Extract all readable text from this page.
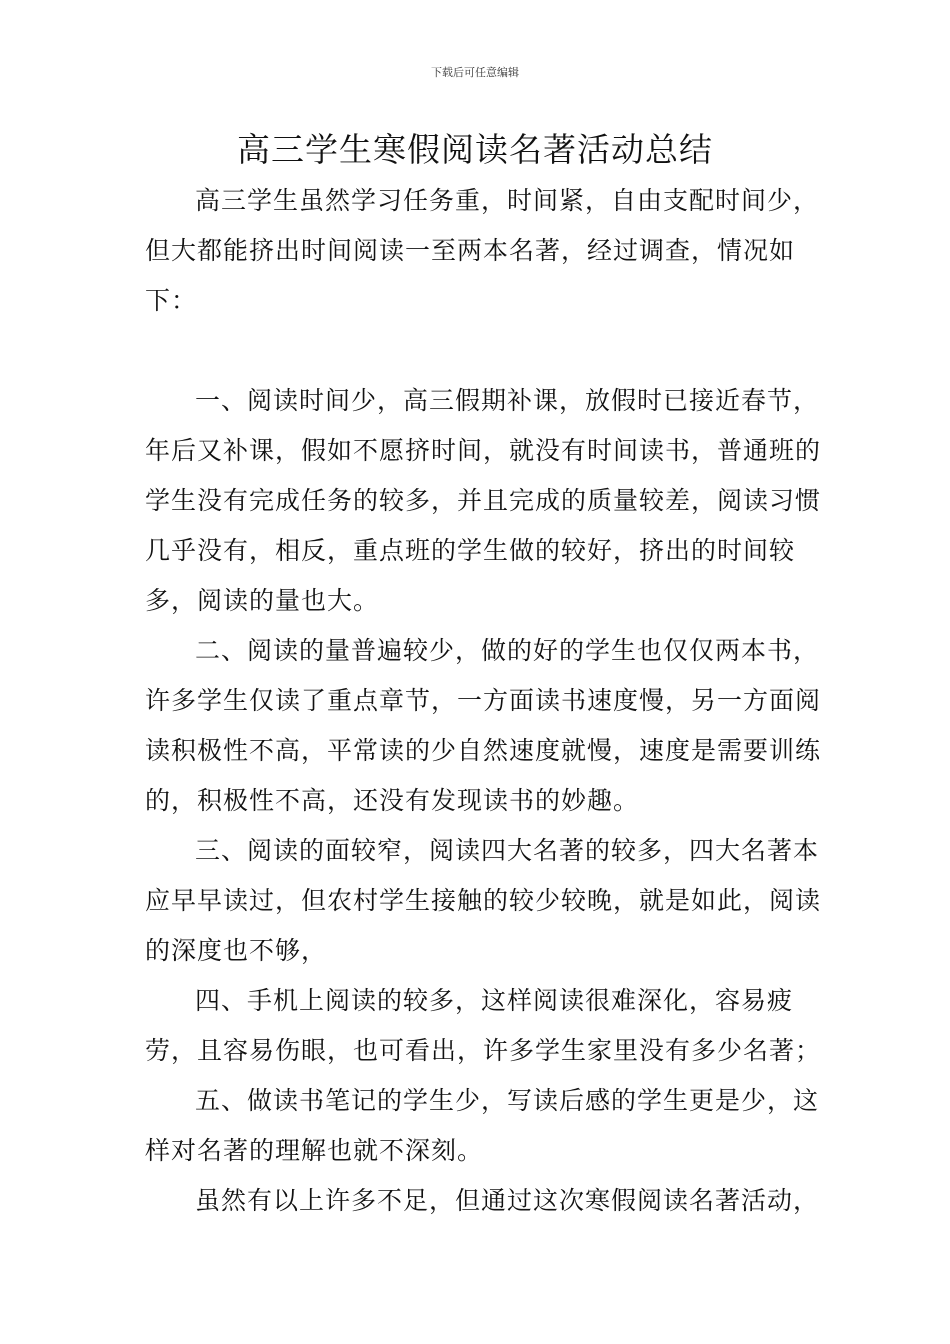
下载后可任意编辑
高三学生寒假阅读名著活动总结

高三学生虽然学习任务重，时间紧，自由支配时间少，但大都能挤出时间阅读一至两本名著，经过调查，情况如下：

一、阅读时间少，高三假期补课，放假时已接近春节，年后又补课，假如不愿挤时间，就没有时间读书，普通班的学生没有完成任务的较多，并且完成的质量较差，阅读习惯几乎没有，相反，重点班的学生做的较好，挤出的时间较多，阅读的量也大。

二、阅读的量普遍较少，做的好的学生也仅仅两本书，许多学生仅读了重点章节，一方面读书速度慢，另一方面阅读积极性不高，平常读的少自然速度就慢，速度是需要训练的，积极性不高，还没有发现读书的妙趣。

三、阅读的面较窄，阅读四大名著的较多，四大名著本应早早读过，但农村学生接触的较少较晚，就是如此，阅读的深度也不够，

四、手机上阅读的较多，这样阅读很难深化，容易疲劳，且容易伤眼，也可看出，许多学生家里没有多少名著；

五、做读书笔记的学生少，写读后感的学生更是少，这样对名著的理解也就不深刻。

虽然有以上许多不足，但通过这次寒假阅读名著活动，
